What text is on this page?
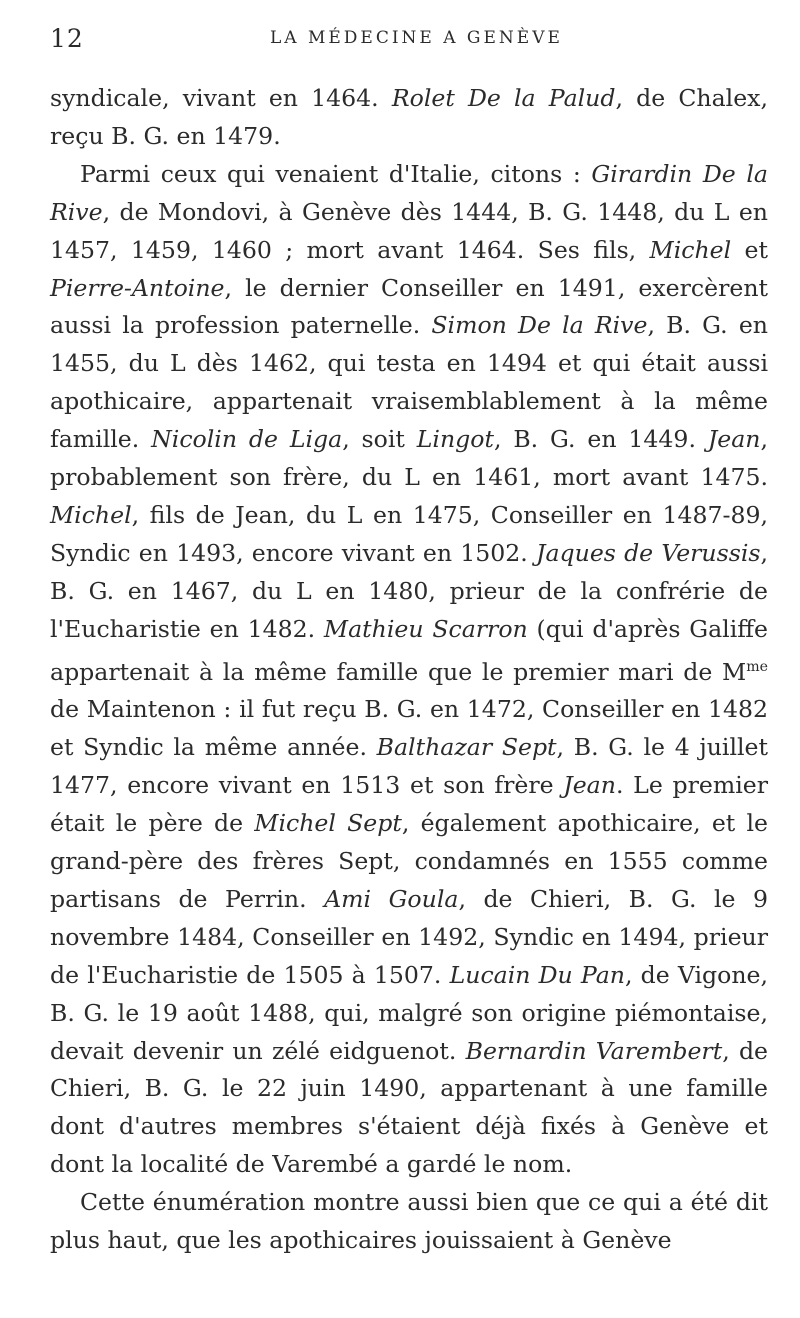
12	LA MÉDECINE A GENÈVE

syndicale, vivant en 1464. Rolet De la Palud, de Chalex, reçu B. G. en 1479.

Parmi ceux qui venaient d'Italie, citons : Girardin De la Rive, de Mondovi, à Genève dès 1444, B. G. 1448, du L en 1457, 1459, 1460 ; mort avant 1464. Ses fils, Michel et Pierre-Antoine, le dernier Conseiller en 1491, exercèrent aussi la profession paternelle. Simon De la Rive, B. G. en 1455, du L dès 1462, qui testa en 1494 et qui était aussi apothicaire, appartenait vraisemblablement à la même famille. Nicolin de Liga, soit Lingot, B. G. en 1449. Jean, probablement son frère, du L en 1461, mort avant 1475. Michel, fils de Jean, du L en 1475, Conseiller en 1487-89, Syndic en 1493, encore vivant en 1502. Jaques de Verussis, B. G. en 1467, du L en 1480, prieur de la confrérie de l'Eucharistie en 1482. Mathieu Scarron (qui d'après Galiffe appartenait à la même famille que le premier mari de $M^{me}$ de Maintenon : il fut reçu B. G. en 1472, Conseiller en 1482 et Syndic la même année. Balthazar Sept, B. G. le 4 juillet 1477, encore vivant en 1513 et son frère Jean. Le premier était le père de Michel Sept, également apothicaire, et le grand-père des frères Sept, condamnés en 1555 comme partisans de Perrin. Ami Goula, de Chieri, B. G. le 9 novembre 1484, Conseiller en 1492, Syndic en 1494, prieur de l'Eucharistie de 1505 à 1507. Lucain Du Pan, de Vigone, B. G. le 19 août 1488, qui, malgré son origine piémontaise, devait devenir un zélé eidguenot. Bernardin Varembert, de Chieri, B. G. le 22 juin 1490, appartenant à une famille dont d'autres membres s'étaient déjà fixés à Genève et dont la localité de Varembé a gardé le nom.

Cette énumération montre aussi bien que ce qui a été dit plus haut, que les apothicaires jouissaient à Genève
